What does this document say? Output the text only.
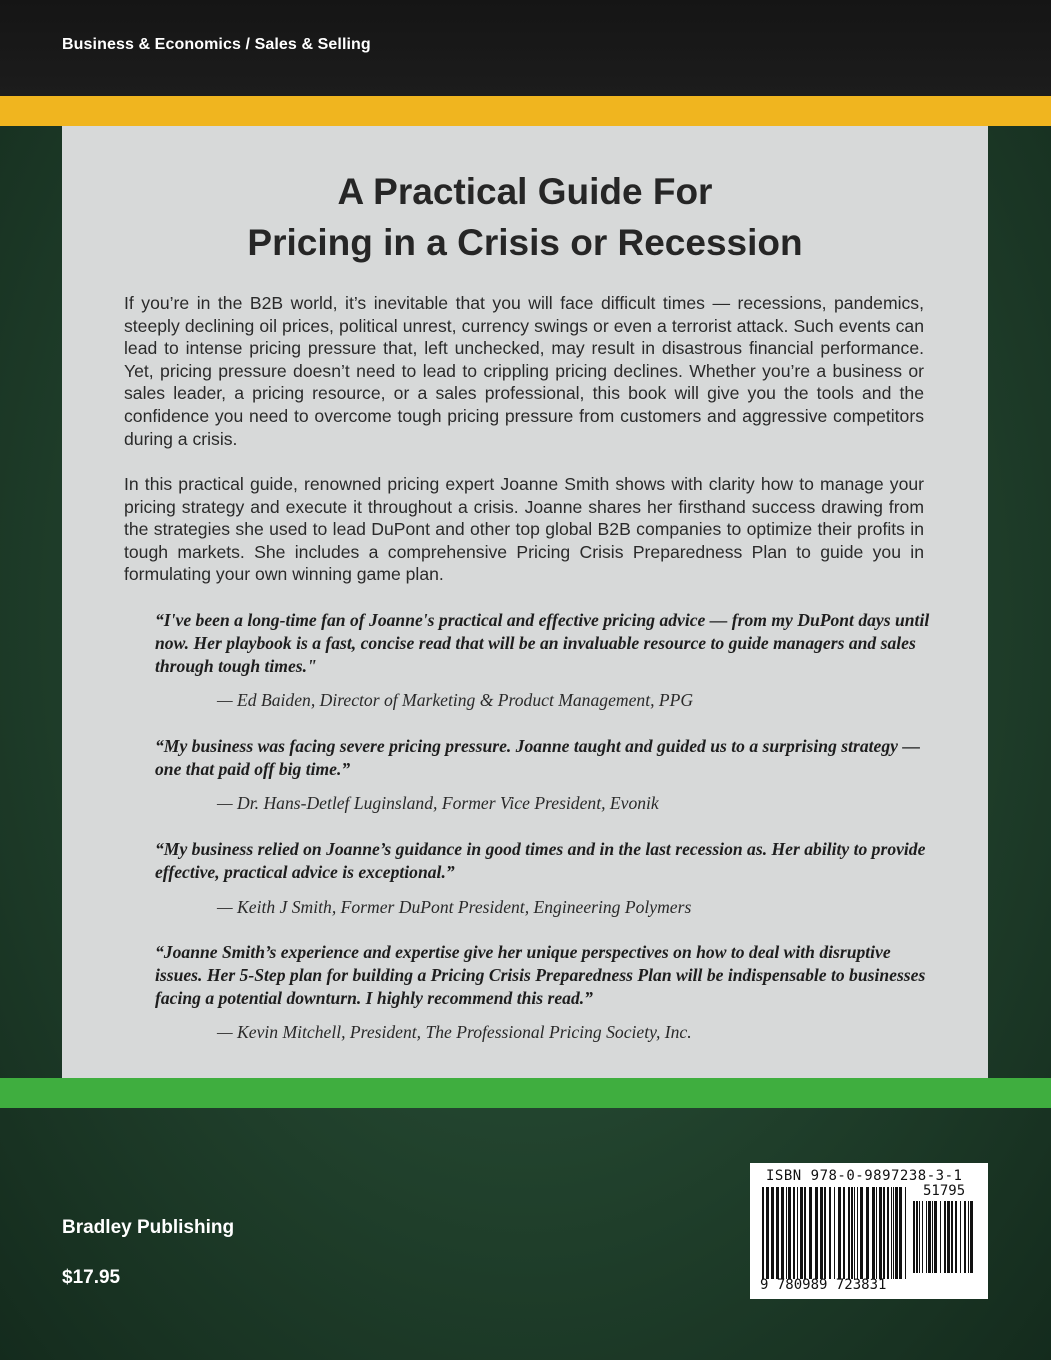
Business & Economics / Sales & Selling
A Practical Guide For
Pricing in a Crisis or Recession
If you’re in the B2B world, it’s inevitable that you will face difficult times — recessions, pandemics, steeply declining oil prices, political unrest, currency swings or even a terrorist attack. Such events can lead to intense pricing pressure that, left unchecked, may result in disastrous financial performance. Yet, pricing pressure doesn’t need to lead to crippling pricing declines. Whether you’re a business or sales leader, a pricing resource, or a sales professional, this book will give you the tools and the confidence you need to overcome tough pricing pressure from customers and aggressive competitors during a crisis.
In this practical guide, renowned pricing expert Joanne Smith shows with clarity how to manage your pricing strategy and execute it throughout a crisis. Joanne shares her firsthand success drawing from the strategies she used to lead DuPont and other top global B2B companies to optimize their profits in tough markets. She includes a comprehensive Pricing Crisis Preparedness Plan to guide you in formulating your own winning game plan.
“I've been a long-time fan of Joanne's practical and effective pricing advice — from my DuPont days until now. Her playbook is a fast, concise read that will be an invaluable resource to guide managers and sales through tough times."
— Ed Baiden, Director of Marketing & Product Management, PPG
“My business was facing severe pricing pressure. Joanne taught and guided us to a surprising strategy — one that paid off big time.”
— Dr. Hans-Detlef Luginsland, Former Vice President, Evonik
“My business relied on Joanne’s guidance in good times and in the last recession as. Her ability to provide effective, practical advice is exceptional.”
— Keith J Smith, Former DuPont President, Engineering Polymers
“Joanne Smith’s experience and expertise give her unique perspectives on how to deal with disruptive issues. Her 5-Step plan for building a Pricing Crisis Preparedness Plan will be indispensable to businesses facing a potential downturn. I highly recommend this read.”
— Kevin Mitchell, President, The Professional Pricing Society, Inc.
Bradley Publishing
$17.95
ISBN 978-0-9897238-3-1
51795
9 780989 723831
